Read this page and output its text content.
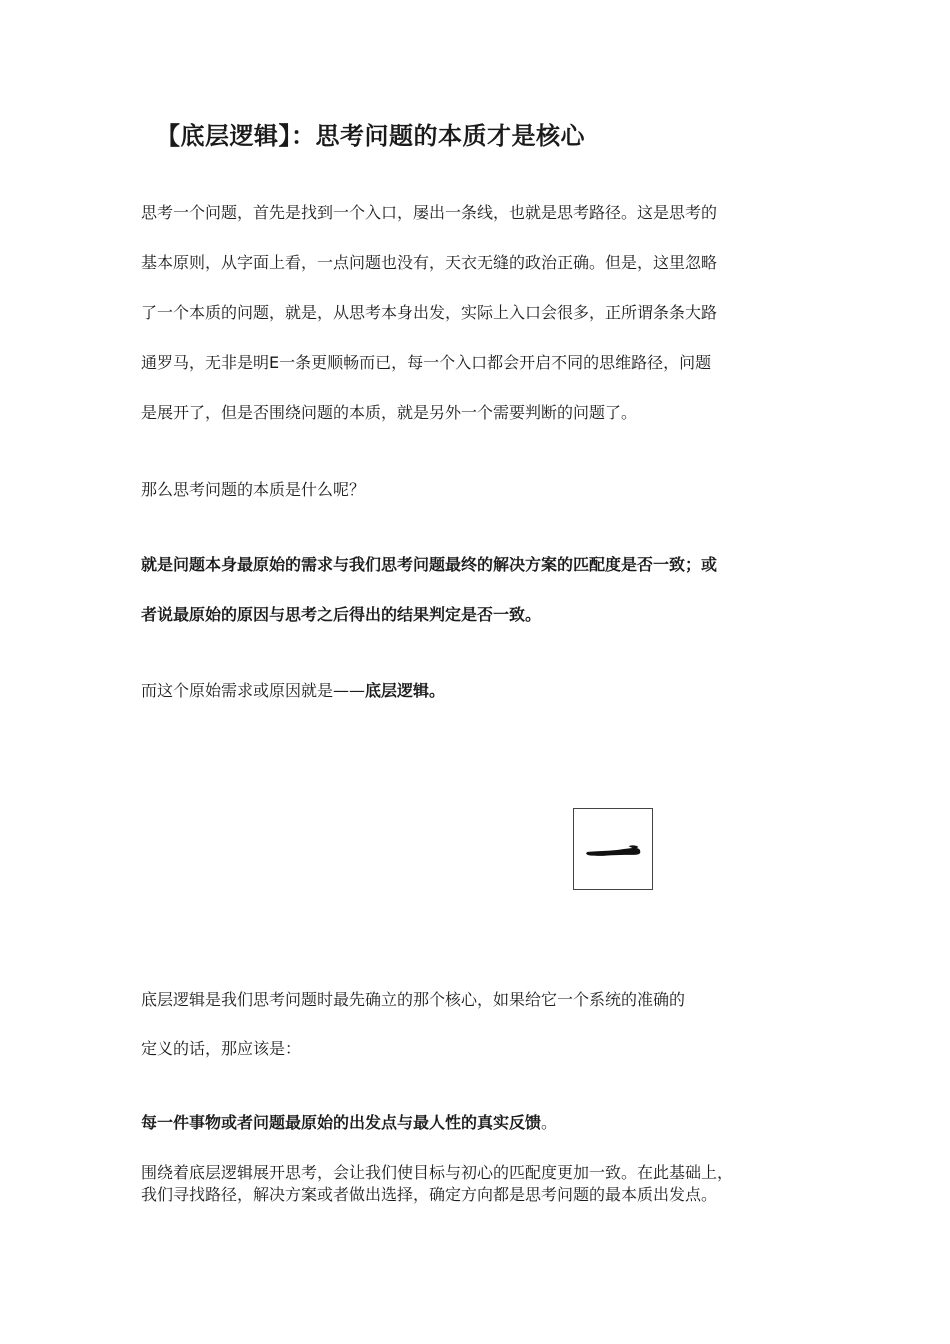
【底层逻辑】：思考问题的本质才是核心
思考一个问题，首先是找到一个入口，屡出一条线，也就是思考路径。这是思考的
基本原则，从字面上看，一点问题也没有，天衣无缝的政治正确。但是，这里忽略
了一个本质的问题，就是，从思考本身出发，实际上入口会很多，正所谓条条大路
通罗马，无非是明E一条更顺畅而已，每一个入口都会开启不同的思维路径，问题
是展开了，但是否围绕问题的本质，就是另外一个需要判断的问题了。
那么思考问题的本质是什么呢？
就是问题本身最原始的需求与我们思考问题最终的解决方案的匹配度是否一致；或
者说最原始的原因与思考之后得出的结果判定是否一致。
而这个原始需求或原因就是——底层逻辑。
底层逻辑是我们思考问题时最先确立的那个核心，如果给它一个系统的准确的
定义的话，那应该是：
每一件事物或者问题最原始的出发点与最人性的真实反馈。
围绕着底层逻辑展开思考，会让我们使目标与初心的匹配度更加一致。在此基础上，
我们寻找路径，解决方案或者做出选择，确定方向都是思考问题的最本质出发点。
